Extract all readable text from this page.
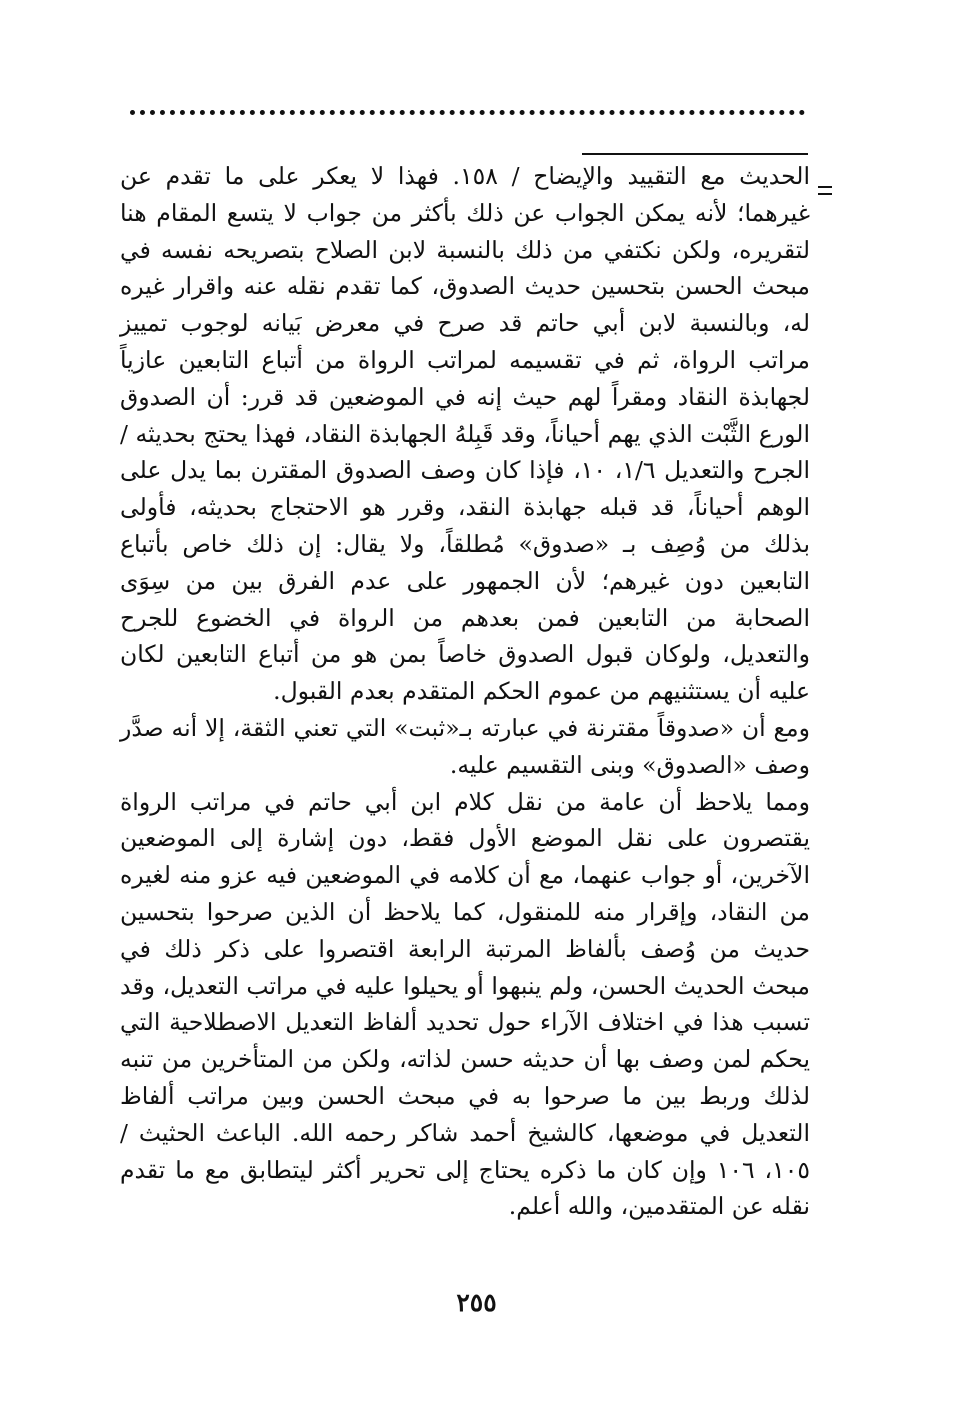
الحديث مع التقييد والإيضاح / ١٥٨. فهذا لا يعكر على ما تقدم عن غيرهما؛ لأنه يمكن الجواب عن ذلك بأكثر من جواب لا يتسع المقام هنا لتقريره، ولكن نكتفي من ذلك بالنسبة لابن الصلاح بتصريحه نفسه في مبحث الحسن بتحسين حديث الصدوق، كما تقدم نقله عنه واقرار غيره له، وبالنسبة لابن أبي حاتم قد صرح في معرض بَيانه لوجوب تمييز مراتب الرواة، ثم في تقسيمه لمراتب الرواة من أتباع التابعين عازياً لجهابذة النقاد ومقراً لهم حيث إنه في الموضعين قد قرر: أن الصدوق الورع الثَّبْت الذي يهم أحياناً، وقد قَبِلهُ الجهابذة النقاد، فهذا يحتج بحديثه / الجرح والتعديل ١/٦، ١٠، فإذا كان وصف الصدوق المقترن بما يدل على الوهم أحياناً، قد قبله جهابذة النقد، وقرر هو الاحتجاج بحديثه، فأولى بذلك من وُصِف بـ «صدوق» مُطلقاً، ولا يقال: إن ذلك خاص بأتباع التابعين دون غيرهم؛ لأن الجمهور على عدم الفرق بين من سِوَى الصحابة من التابعين فمن بعدهم من الرواة في الخضوع للجرح والتعديل، ولوكان قبول الصدوق خاصاً بمن هو من أتباع التابعين لكان عليه أن يستثنيهم من عموم الحكم المتقدم بعدم القبول.

ومع أن «صدوقاً مقترنة في عبارته بـ«ثبت» التي تعني الثقة، إلا أنه صدَّر وصف «الصدوق» وبنى التقسيم عليه.

ومما يلاحظ أن عامة من نقل كلام ابن أبي حاتم في مراتب الرواة يقتصرون على نقل الموضع الأول فقط، دون إشارة إلى الموضعين الآخرين، أو جواب عنهما، مع أن كلامه في الموضعين فيه عزو منه لغيره من النقاد، وإقرار منه للمنقول، كما يلاحظ أن الذين صرحوا بتحسين حديث من وُصف بألفاظ المرتبة الرابعة اقتصروا على ذكر ذلك في مبحث الحديث الحسن، ولم ينبهوا أو يحيلوا عليه في مراتب التعديل، وقد تسبب هذا في اختلاف الآراء حول تحديد ألفاظ التعديل الاصطلاحية التي يحكم لمن وصف بها أن حديثه حسن لذاته، ولكن من المتأخرين من تنبه لذلك وربط بين ما صرحوا به في مبحث الحسن وبين مراتب ألفاظ التعديل في موضعها، كالشيخ أحمد شاكر رحمه الله. الباعث الحثيث / ١٠٥، ١٠٦ وإن كان ما ذكره يحتاج إلى تحرير أكثر ليتطابق مع ما تقدم نقله عن المتقدمين، والله أعلم.

٢٥٥
